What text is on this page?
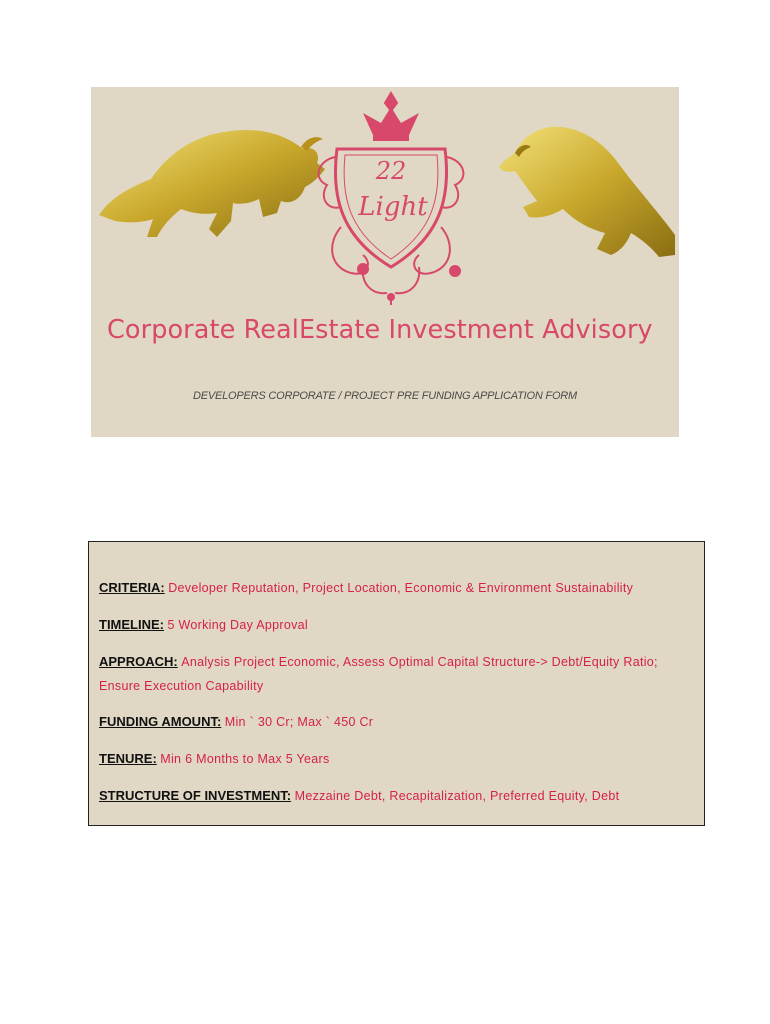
22
Light
Corporate RealEstate Investment Advisory
DEVELOPERS CORPORATE / PROJECT PRE FUNDING APPLICATION FORM
CRITERIA: Developer Reputation, Project Location, Economic & Environment Sustainability
TIMELINE: 5 Working Day Approval
APPROACH: Analysis Project Economic, Assess Optimal Capital Structure-> Debt/Equity Ratio;
Ensure Execution Capability
FUNDING AMOUNT: Min ` 30 Cr; Max ` 450 Cr
TENURE: Min 6 Months to Max 5 Years
STRUCTURE OF INVESTMENT: Mezzaine Debt, Recapitalization, Preferred Equity, Debt
